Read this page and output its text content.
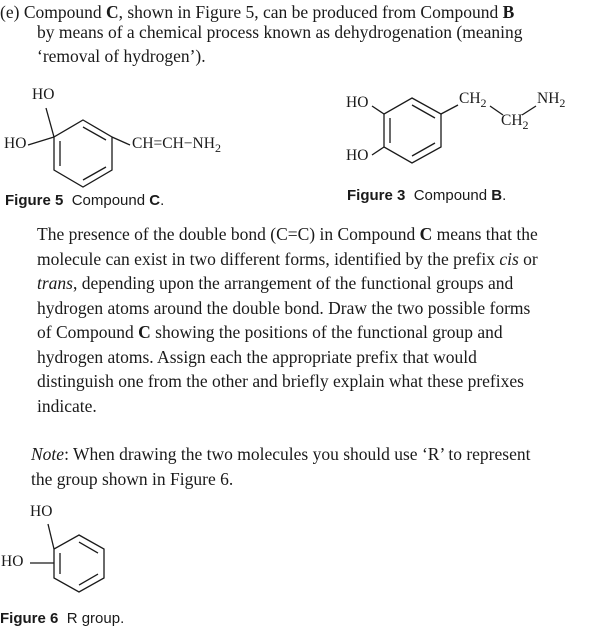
(e) Compound C, shown in Figure 5, can be produced from Compound B
by means of a chemical process known as dehydrogenation (meaning
‘removal of hydrogen’).
HO
HO	$CH=CH-NH_2$
Figure 5 Compound C.
HO
HO
$CH_2$
$CH_2$
$NH_2$
Figure 3 Compound B.
The presence of the double bond (C=C) in Compound C means that the
molecule can exist in two different forms, identified by the prefix cis or
trans, depending upon the arrangement of the functional groups and
hydrogen atoms around the double bond. Draw the two possible forms
of Compound C showing the positions of the functional group and
hydrogen atoms. Assign each the appropriate prefix that would
distinguish one from the other and briefly explain what these prefixes
indicate.
Note: When drawing the two molecules you should use ‘R’ to represent
the group shown in Figure 6.
HO
HO
Figure 6 R group.
